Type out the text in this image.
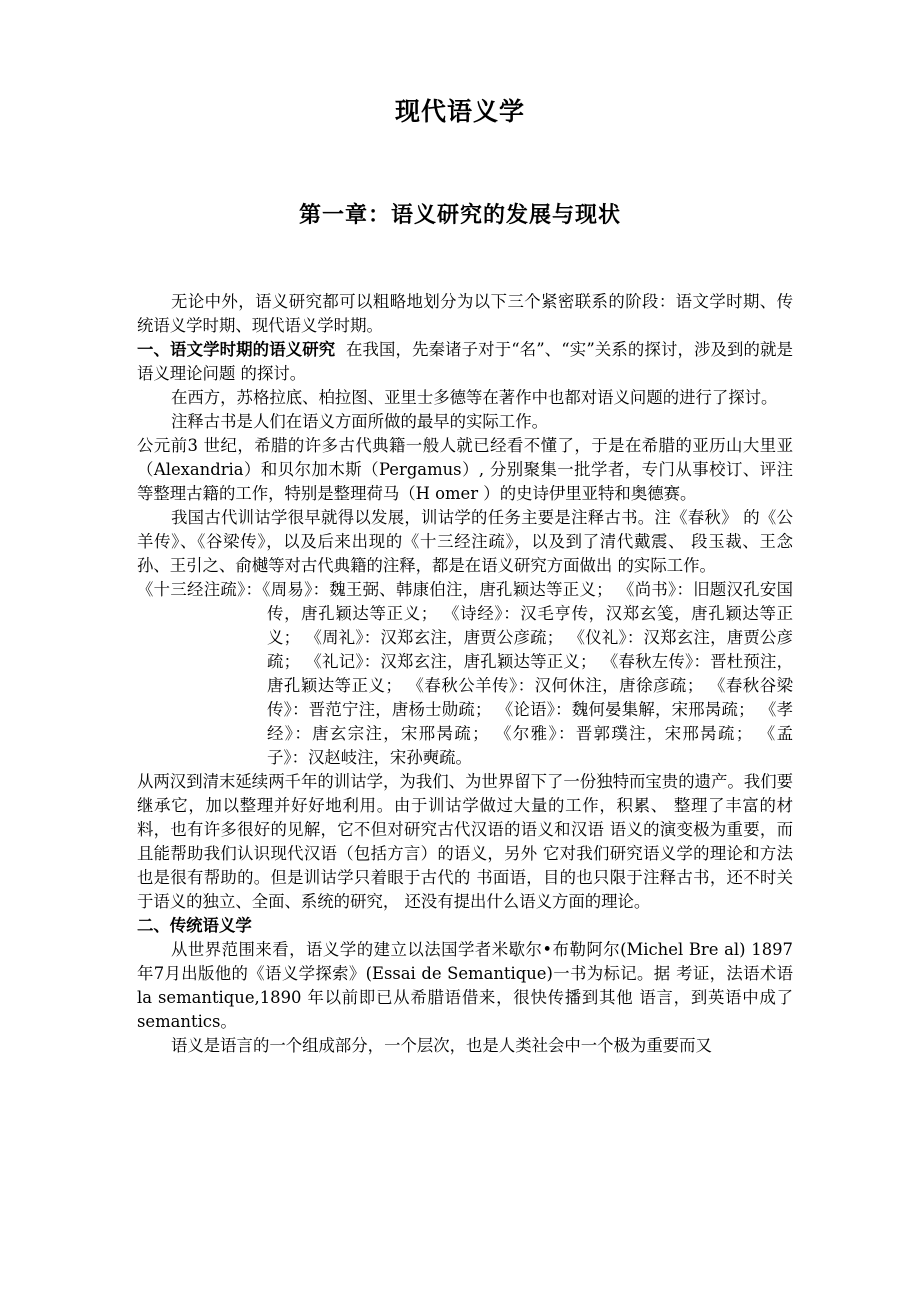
现代语义学
第一章：语义研究的发展与现状

无论中外，语义研究都可以粗略地划分为以下三个紧密联系的阶段：语文学时期、传统语义学时期、现代语义学时期。

一、语文学时期的语义研究 在我国，先秦诸子对于“名”、“实”关系的探讨，涉及到的就是语义理论问题 的探讨。

在西方，苏格拉底、柏拉图、亚里士多德等在著作中也都对语义问题的进行了探讨。

注释古书是人们在语义方面所做的最早的实际工作。

公元前3 世纪，希腊的许多古代典籍一般人就已经看不懂了，于是在希腊的亚历山大里亚（Alexandria）和贝尔加木斯（Pergamus）, 分别聚集一批学者，专门从事校订、评注等整理古籍的工作，特别是整理荷马（H omer ）的史诗伊里亚特和奥德赛。

我国古代训诂学很早就得以发展，训诂学的任务主要是注释古书。注《春秋》 的《公羊传》、《谷梁传》，以及后来出现的《十三经注疏》，以及到了清代戴震、 段玉裁、王念孙、王引之、俞樾等对古代典籍的注释，都是在语义研究方面做出 的实际工作。

《十三经注疏》：《周易》：魏王弼、韩康伯注，唐孔颖达等正义； 《尚书》：旧题汉孔安国传，唐孔颖达等正义； 《诗经》：汉毛亨传，汉郑玄笺，唐孔颖达等正义； 《周礼》：汉郑玄注，唐贾公彦疏； 《仪礼》：汉郑玄注，唐贾公彦疏； 《礼记》：汉郑玄注，唐孔颖达等正义； 《春秋左传》：晋杜预注，唐孔颖达等正义； 《春秋公羊传》：汉何休注，唐徐彦疏； 《春秋谷梁传》：晋范宁注，唐杨士勋疏； 《论语》：魏何晏集解，宋邢昺疏； 《孝经》：唐玄宗注，宋邢昺疏； 《尔雅》：晋郭璞注，宋邢昺疏； 《孟子》：汉赵岐注，宋孙奭疏。

从两汉到清末延续两千年的训诂学，为我们、为世界留下了一份独特而宝贵的遗产。我们要继承它，加以整理并好好地利用。由于训诂学做过大量的工作，积累、 整理了丰富的材料，也有许多很好的见解，它不但对研究古代汉语的语义和汉语 语义的演变极为重要，而且能帮助我们认识现代汉语（包括方言）的语义，另外 它对我们研究语义学的理论和方法也是很有帮助的。但是训诂学只着眼于古代的 书面语，目的也只限于注释古书，还不时关于语义的独立、全面、系统的研究， 还没有提出什么语义方面的理论。

二、传统语义学

从世界范围来看，语义学的建立以法国学者米歇尔•布勒阿尔(Michel Bre al) 1897年7月出版他的《语义学探索》(Essai de Semantique)一书为标记。据 考证，法语术语 la semantique,1890 年以前即已从希腊语借来，很快传播到其他 语言，到英语中成了 semantics。

语义是语言的一个组成部分，一个层次，也是人类社会中一个极为重要而又
